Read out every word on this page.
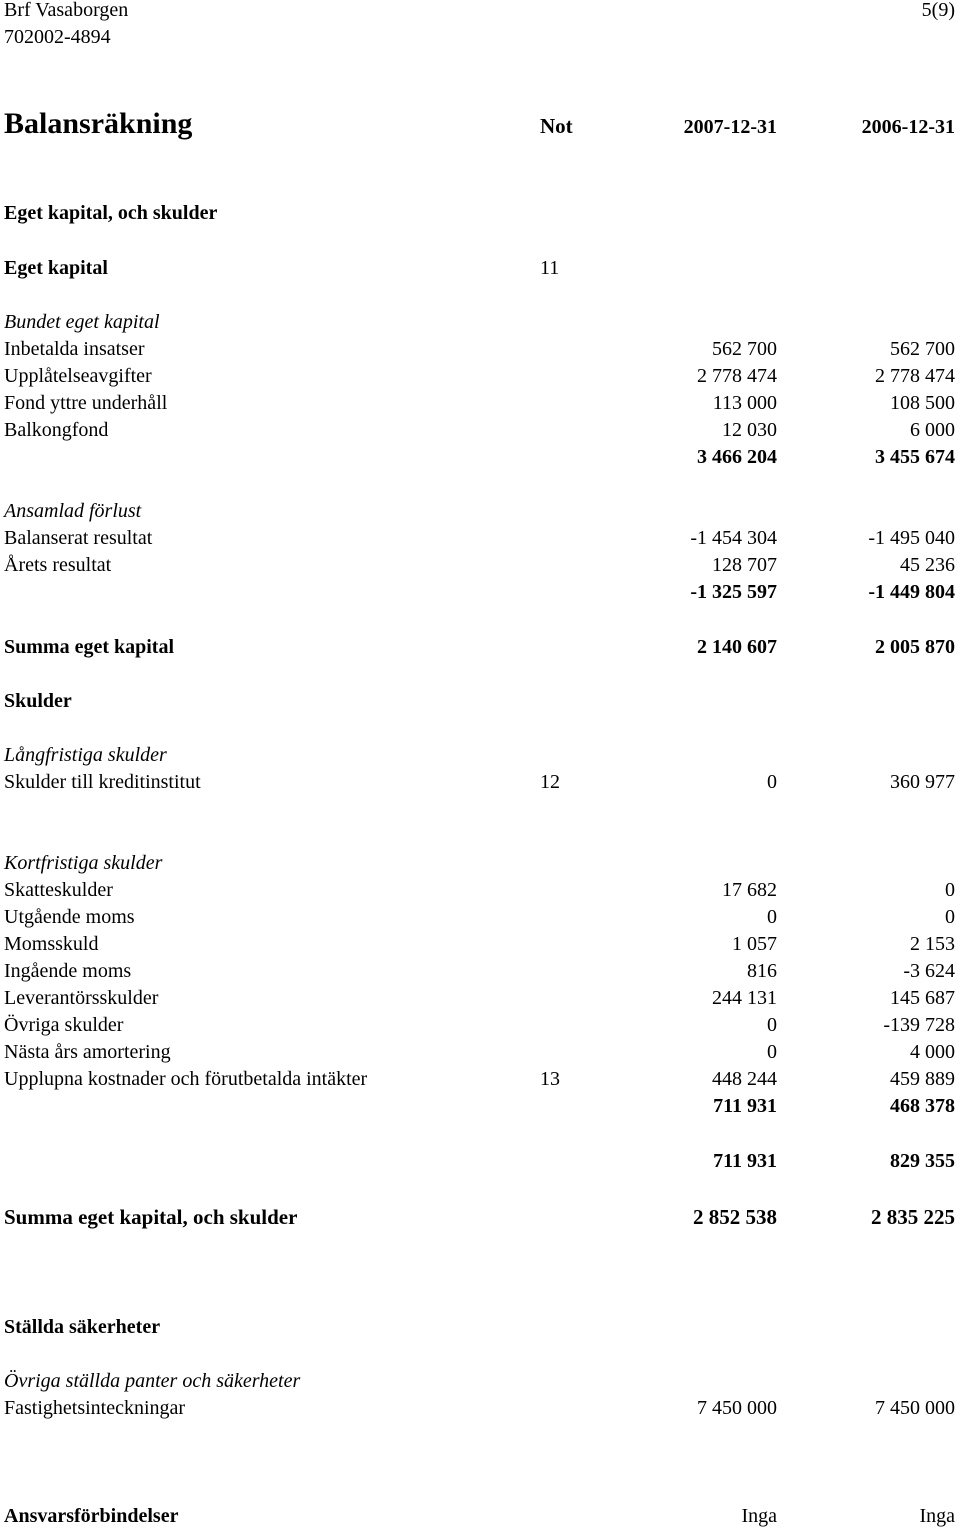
Brf Vasaborgen
702002-4894
5(9)
Balansräkning	Not	2007-12-31	2006-12-31
Eget kapital, och skulder
Eget kapital	11
Bundet eget kapital
Inbetalda insatser	562 700	562 700
Upplåtelseavgifter	2 778 474	2 778 474
Fond yttre underhåll	113 000	108 500
Balkongfond	12 030	6 000
3 466 204	3 455 674
Ansamlad förlust
Balanserat resultat	-1 454 304	-1 495 040
Årets resultat	128 707	45 236
-1 325 597	-1 449 804
Summa eget kapital	2 140 607	2 005 870
Skulder
Långfristiga skulder
Skulder till kreditinstitut	12	0	360 977
Kortfristiga skulder
Skatteskulder	17 682	0
Utgående moms	0	0
Momsskuld	1 057	2 153
Ingående moms	816	-3 624
Leverantörsskulder	244 131	145 687
Övriga skulder	0	-139 728
Nästa års amortering	0	4 000
Upplupna kostnader och förutbetalda intäkter	13	448 244	459 889
711 931	468 378
711 931	829 355
Summa eget kapital, och skulder	2 852 538	2 835 225
Ställda säkerheter
Övriga ställda panter och säkerheter
Fastighetsinteckningar	7 450 000	7 450 000
Ansvarsförbindelser	Inga	Inga
